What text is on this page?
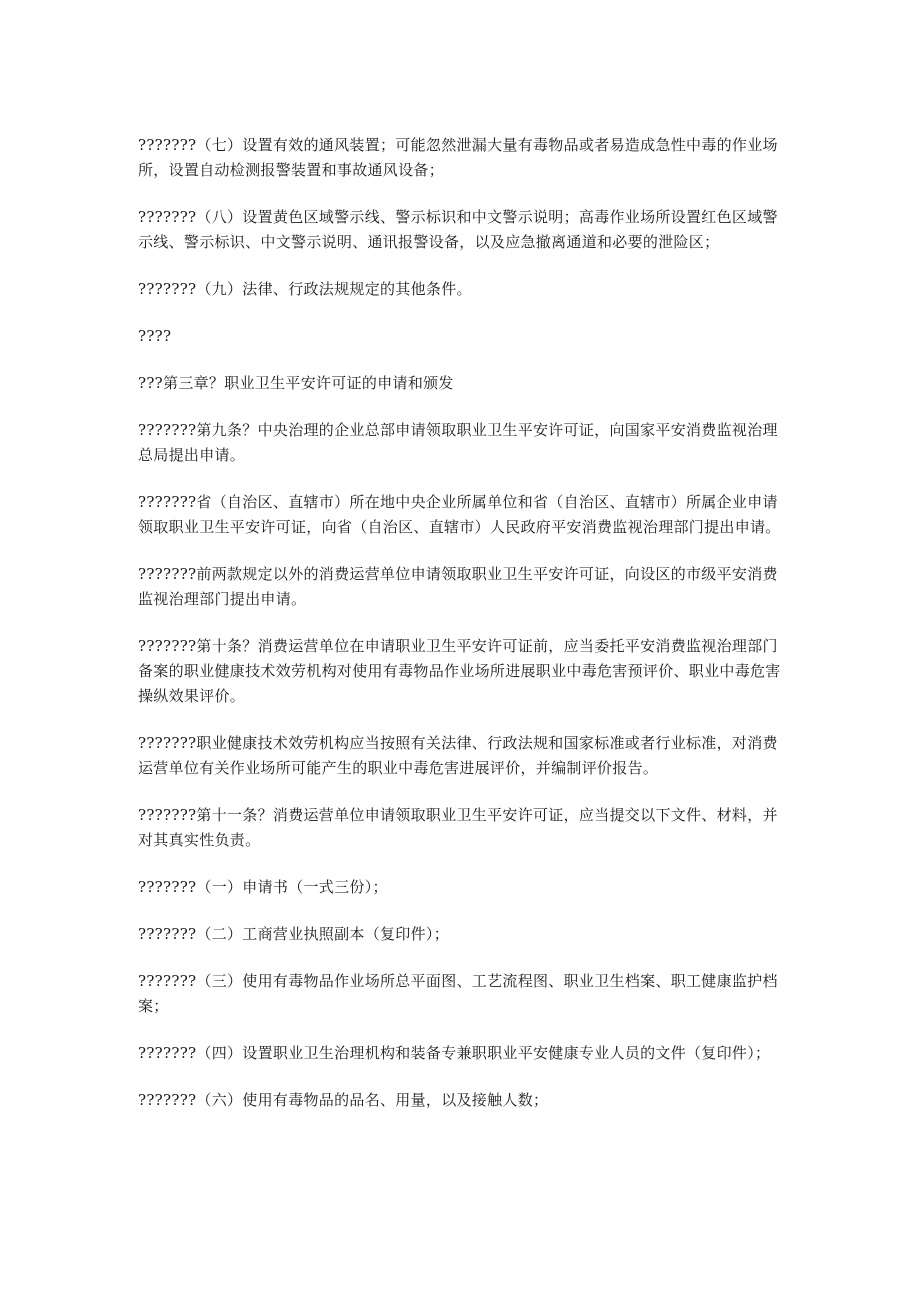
???????（七）设置有效的通风装置；可能忽然泄漏大量有毒物品或者易造成急性中毒的作业场所，设置自动检测报警装置和事故通风设备；

???????（八）设置黄色区域警示线、警示标识和中文警示说明；高毒作业场所设置红色区域警示线、警示标识、中文警示说明、通讯报警设备，以及应急撤离通道和必要的泄险区；

???????（九）法律、行政法规规定的其他条件。

????

???第三章？职业卫生平安许可证的申请和颁发

???????第九条？中央治理的企业总部申请领取职业卫生平安许可证，向国家平安消费监视治理总局提出申请。

???????省（自治区、直辖市）所在地中央企业所属单位和省（自治区、直辖市）所属企业申请领取职业卫生平安许可证，向省（自治区、直辖市）人民政府平安消费监视治理部门提出申请。

???????前两款规定以外的消费运营单位申请领取职业卫生平安许可证，向设区的市级平安消费监视治理部门提出申请。

???????第十条？消费运营单位在申请职业卫生平安许可证前，应当委托平安消费监视治理部门备案的职业健康技术效劳机构对使用有毒物品作业场所进展职业中毒危害预评价、职业中毒危害操纵效果评价。

???????职业健康技术效劳机构应当按照有关法律、行政法规和国家标准或者行业标准，对消费运营单位有关作业场所可能产生的职业中毒危害进展评价，并编制评价报告。

???????第十一条？消费运营单位申请领取职业卫生平安许可证，应当提交以下文件、材料，并对其真实性负责。

???????（一）申请书（一式三份）；

???????（二）工商营业执照副本（复印件）；

???????（三）使用有毒物品作业场所总平面图、工艺流程图、职业卫生档案、职工健康监护档案；

???????（四）设置职业卫生治理机构和装备专兼职职业平安健康专业人员的文件（复印件）；

???????（六）使用有毒物品的品名、用量，以及接触人数；
